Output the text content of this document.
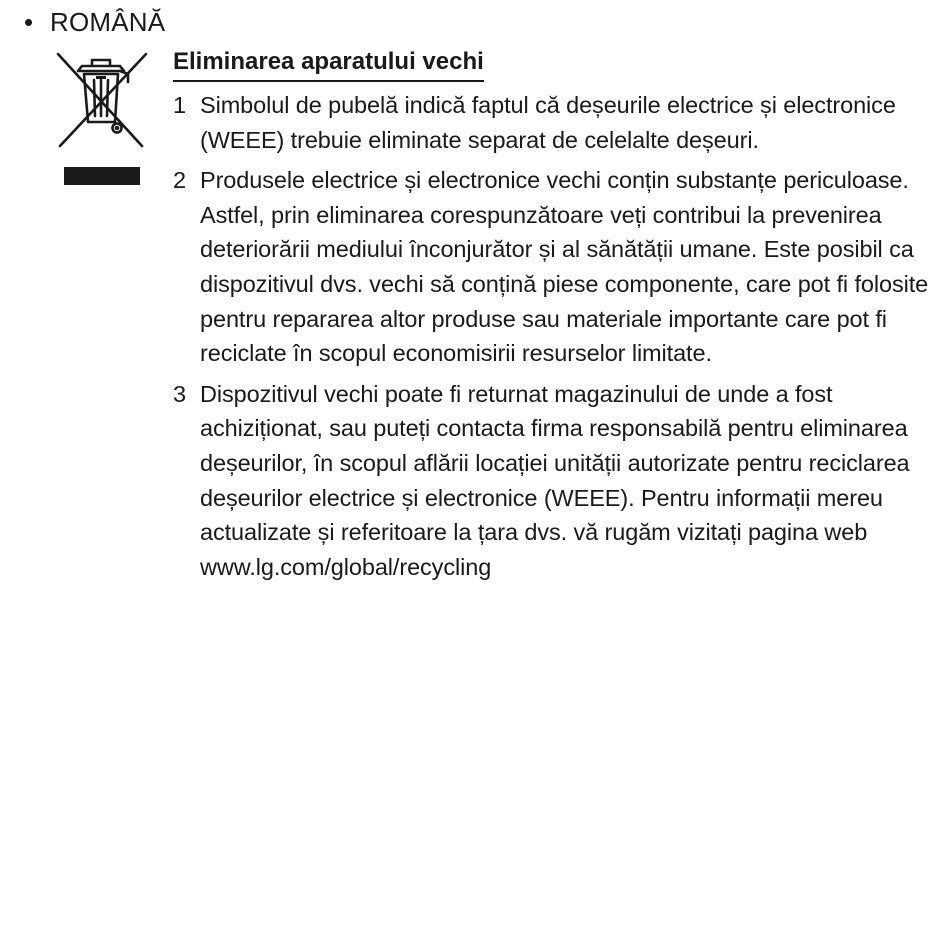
• ROMÂNĂ
Eliminarea aparatului vechi
1 Simbolul de pubelă indică faptul că deșeurile electrice și electronice (WEEE) trebuie eliminate separat de celelalte deșeuri.
2 Produsele electrice și electronice vechi conțin substanțe periculoase. Astfel, prin eliminarea corespunzătoare veți contribui la prevenirea deteriorării mediului înconjurător și al sănătății umane. Este posibil ca dispozitivul dvs. vechi să conțină piese componente, care pot fi folosite pentru repararea altor produse sau materiale importante care pot fi reciclate în scopul economisirii resurselor limitate.
3 Dispozitivul vechi poate fi returnat magazinului de unde a fost achiziționat, sau puteți contacta firma responsabilă pentru eliminarea deșeurilor, în scopul aflării locației unității autorizate pentru reciclarea deșeurilor electrice și electronice (WEEE). Pentru informații mereu actualizate și referitoare la țara dvs. vă rugăm vizitați pagina web www.lg.com/global/recycling
